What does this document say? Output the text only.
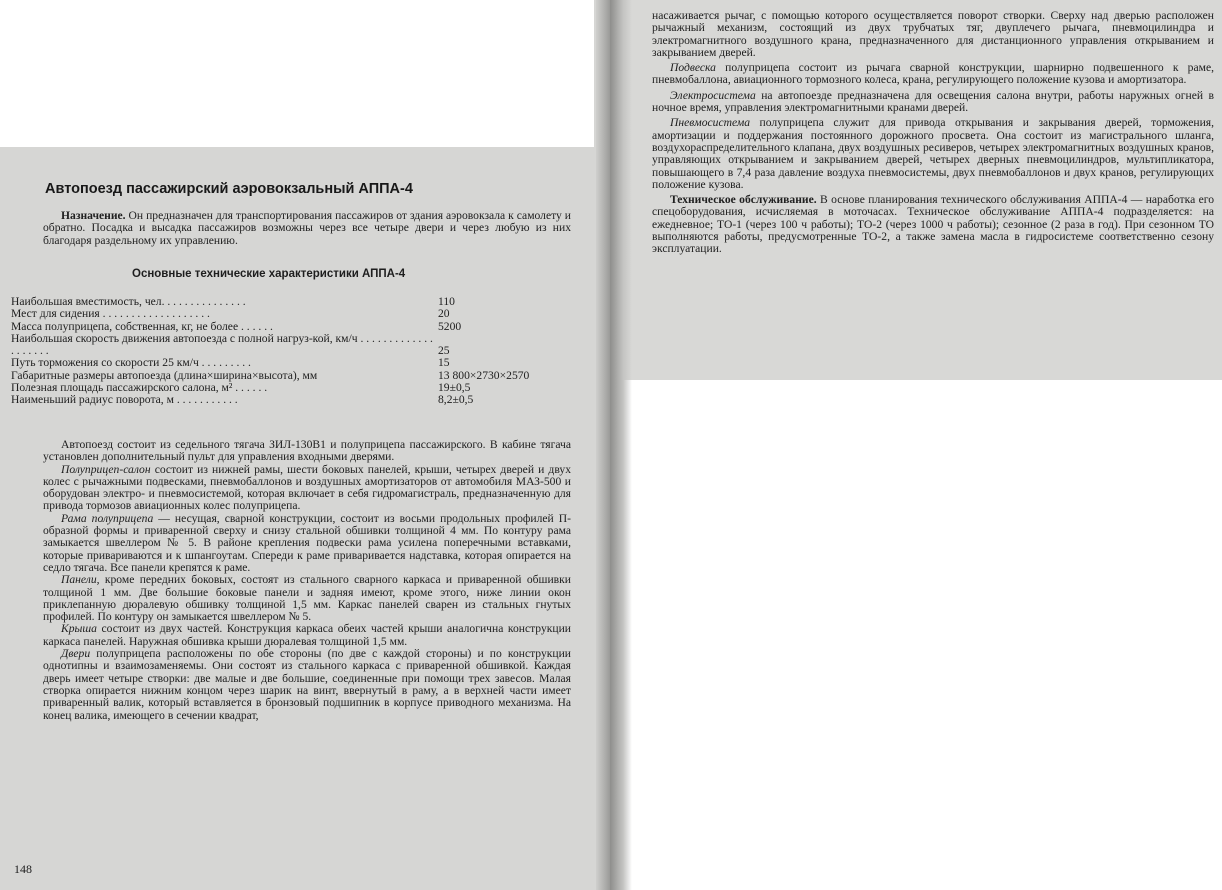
Автопоезд пассажирский аэровокзальный АППА-4

Назначение. Он предназначен для транспортирования пассажиров от здания аэровокзала к самолету и обратно. Посадка и высадка пассажиров возможны через все четыре двери и через любую из них благодаря раздельному их управлению.

Основные технические характеристики АППА-4
Наибольшая вместимость, чел. . . . . . . . . . . . . . .	110
Мест для сидения . . . . . . . . . . . . . . . . . . .	20
Масса полуприцепа, собственная, кг, не более . . . . . .	5200
Наибольшая скорость движения автопоезда с полной нагруз-кой, км/ч . . . . . . . . . . . . . . . . . . . .	25
Путь торможения со скорости 25 км/ч . . . . . . . . .	15
Габаритные размеры автопоезда (длина×ширина×высота), мм	13 800×2730×2570
Полезная площадь пассажирского салона, м² . . . . . .	19±0,5
Наименьший радиус поворота, м . . . . . . . . . . .	8,2±0,5

Автопоезд состоит из седельного тягача ЗИЛ-130В1 и полуприцепа пассажирского. В кабине тягача установлен дополнительный пульт для управления входными дверями.

Полуприцеп-салон состоит из нижней рамы, шести боковых панелей, крыши, четырех дверей и двух колес с рычажными подвесками, пневмобаллонов и воздушных амортизаторов от автомобиля МАЗ-500 и оборудован электро- и пневмосистемой, которая включает в себя гидромагистраль, предназначенную для привода тормозов авиационных колес полуприцепа.

Рама полуприцепа — несущая, сварной конструкции, состоит из восьми продольных профилей П-образной формы и приваренной сверху и снизу стальной обшивки толщиной 4 мм. По контуру рама замыкается швеллером № 5. В районе крепления подвески рама усилена поперечными вставками, которые привариваются и к шпангоутам. Спереди к раме приваривается надставка, которая опирается на седло тягача. Все панели крепятся к раме.

Панели, кроме передних боковых, состоят из стального сварного каркаса и приваренной обшивки толщиной 1 мм. Две большие боковые панели и задняя имеют, кроме этого, ниже линии окон приклепанную дюралевую обшивку толщиной 1,5 мм. Каркас панелей сварен из стальных гнутых профилей. По контуру он замыкается швеллером № 5.

Крыша состоит из двух частей. Конструкция каркаса обеих частей крыши аналогична конструкции каркаса панелей. Наружная обшивка крыши дюралевая толщиной 1,5 мм.

Двери полуприцепа расположены по обе стороны (по две с каждой стороны) и по конструкции однотипны и взаимозаменяемы. Они состоят из стального каркаса с приваренной обшивкой. Каждая дверь имеет четыре створки: две малые и две большие, соединенные при помощи трех завесов. Малая створка опирается нижним концом через шарик на винт, ввернутый в раму, а в верхней части имеет приваренный валик, который вставляется в бронзовый подшипник в корпусе приводного механизма. На конец валика, имеющего в сечении квадрат,

148

насаживается рычаг, с помощью которого осуществляется поворот створки. Сверху над дверью расположен рычажный механизм, состоящий из двух трубчатых тяг, двуплечего рычага, пневмоцилиндра и электромагнитного воздушного крана, предназначенного для дистанционного управления открыванием и закрыванием дверей.

Подвеска полуприцепа состоит из рычага сварной конструкции, шарнирно подвешенного к раме, пневмобаллона, авиационного тормозного колеса, крана, регулирующего положение кузова и амортизатора.

Электросистема на автопоезде предназначена для освещения салона внутри, работы наружных огней в ночное время, управления электромагнитными кранами дверей.

Пневмосистема полуприцепа служит для привода открывания и закрывания дверей, торможения, амортизации и поддержания постоянного дорожного просвета. Она состоит из магистрального шланга, воздухораспределительного клапана, двух воздушных ресиверов, четырех электромагнитных воздушных кранов, управляющих открыванием и закрыванием дверей, четырех дверных пневмоцилиндров, мультипликатора, повышающего в 7,4 раза давление воздуха пневмосистемы, двух пневмобаллонов и двух кранов, регулирующих положение кузова.

Техническое обслуживание. В основе планирования технического обслуживания АППА-4 — наработка его спецоборудования, исчисляемая в моточасах. Техническое обслуживание АППА-4 подразделяется: на ежедневное; ТО-1 (через 100 ч работы); ТО-2 (через 1000 ч работы); сезонное (2 раза в год). При сезонном ТО выполняются работы, предусмотренные ТО-2, а также замена масла в гидросистеме соответственно сезону эксплуатации.
